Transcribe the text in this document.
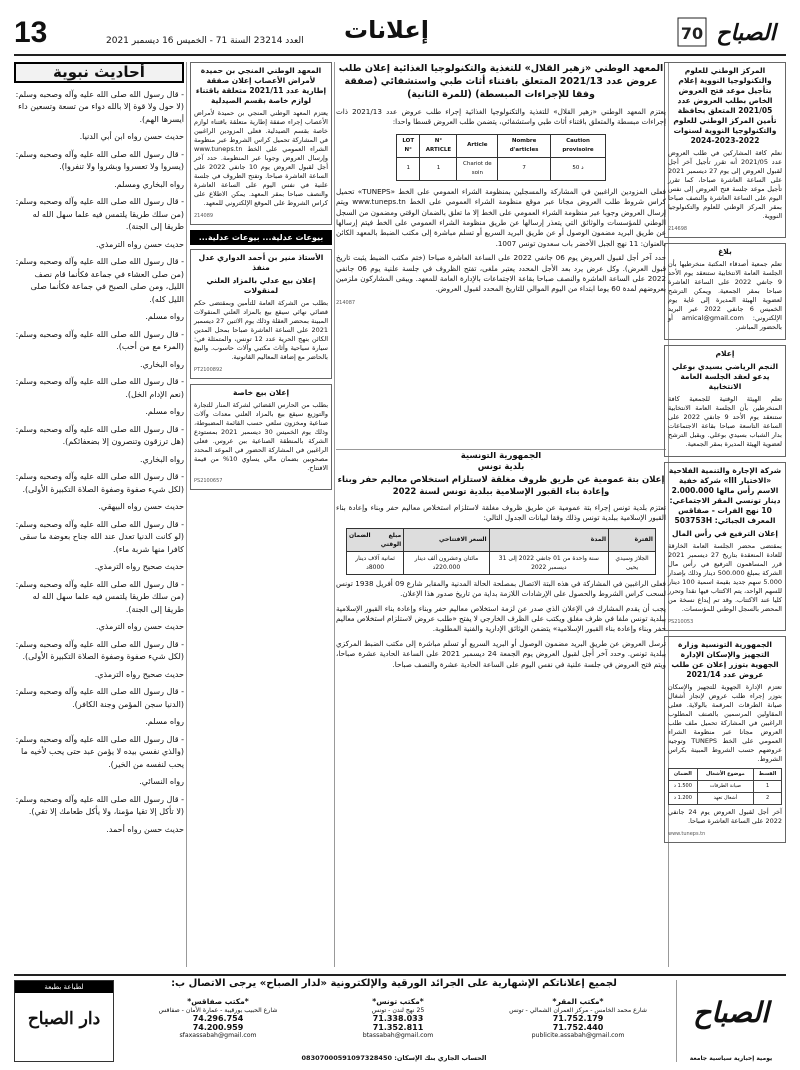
13	العدد 23214 السنة 71 - الخميس 16 ديسمبر 2021 إعلانات	70 الصباح

المركز الوطني للعلوم والتكنولوجيا النووية إعلام بتأجيل موعد فتح العروض الخاص بطلب العروض عدد 2021/05 المتعلق بحافظة تأمين المركز الوطني للعلوم والتكنولوجيا النووية لسنوات 2022-2023-2024

نعلم كافة المشاركين في طلب العروض عدد 2021/05 أنه تقرر تأجيل آخر أجل لقبول العروض إلى يوم 27 ديسمبر 2021 على الساعة العاشرة صباحا، كما تقرر تأجيل موعد جلسة فتح العروض إلى نفس اليوم على الساعة العاشرة والنصف صباحا بمقر المركز الوطني للعلوم والتكنولوجيا النووية.

214698

بلاغ

تعلم جمعية أصدقاء المكتبة منخرطيها بأن الجلسة العامة الانتخابية ستنعقد يوم الأحد 9 جانفي 2022 على الساعة العاشرة صباحا بمقر الجمعية. ويمكن الترشح لعضوية الهيئة المديرة إلى غاية يوم الخميس 6 جانفي 2022 عبر البريد الإلكتروني: amical@gmail.com أو بالحضور المباشر.

إعلام

النجم الرياضي بسيدي بوعلي يدعو لعقد الجلسة العامة الانتخابية

تعلم الهيئة الوقتية للجمعية كافة المنخرطين بأن الجلسة العامة الانتخابية ستنعقد يوم الأحد 9 جانفي 2022 على الساعة التاسعة صباحا بقاعة الاجتماعات بدار الشباب بسيدي بوعلي. ويقبل الترشح لعضوية الهيئة المديرة بمقر الجمعية.

شركة الإجارة والتنمية الفلاحية «الاختيار III» شركة خفية الاسم رأس مالها 2.000.000 دينار تونسي المقر الاجتماعي: 10 نهج الفرات - صفاقس المعرف الجبائي: 503753H

إعلان الترفيع في رأس المال

بمقتضى محضر الجلسة العامة الخارقة للعادة المنعقدة بتاريخ 27 ديسمبر 2021 قرر المساهمون الترفيع في رأس مال الشركة بمبلغ 500.000 دينار وذلك بإصدار 5.000 سهم جديد بقيمة اسمية 100 دينار للسهم الواحد، يتم الاكتتاب فيها نقدا وتحرر كليا عند الاكتتاب. وقد تم إيداع نسخة من المحضر بالسجل الوطني للمؤسسات.

PS210053

الجمهورية التونسية وزارة التجهيز والإسكان الإدارة الجهوية بتوزر إعلان عن طلب عروض عدد 2021/14

تعتزم الإدارة الجهوية للتجهيز والإسكان بتوزر إجراء طلب عروض لإنجاز أشغال صيانة الطرقات المرقمة بالولاية. فعلى المقاولين المرسمين بالصنف المطلوب الراغبين في المشاركة تحميل ملف طلب العروض مجانا عبر منظومة الشراء العمومي على الخط TUNEPS وتوجيه عروضهم حسب الشروط المبينة بكراس الشروط.

القسط	موضوع الأشغال	الضمان
1	صيانة الطرقات	1.500 د
2	أشغال تعهد	1.200 د

آخر أجل لقبول العروض يوم 24 جانفي 2022 على الساعة العاشرة صباحا.

www.tuneps.tn
المعهد الوطني «زهير القلال» للتغذية والتكنولوجيا الغذائية إعلان طلب عروض عدد 2021/13 المتعلق باقتناء أثاث طبي واستشفائي (صفقة وفقا للإجراءات المبسطة) (للمرة الثانية)

يعتزم المعهد الوطني «زهير القلال» للتغذية والتكنولوجيا الغذائية إجراء طلب عروض عدد 2021/13 ذات إجراءات مبسطة والمتعلق باقتناء أثاث طبي واستشفائي، يتضمن طلب العروض قسطا واحدا:

LOT N°	N° ARTICLE	Article	Nombre d'articles	Caution provisoire
1	1	Chariot de soin	7	50 د

فعلى المزودين الراغبين في المشاركة والمسجلين بمنظومة الشراء العمومي على الخط «TUNEPS» تحميل كراس شروط طلب العروض مجانا عبر موقع منظومة الشراء العمومي على الخط www.tuneps.tn ويتم إرسال العروض وجوبا عبر منظومة الشراء العمومي على الخط إلا ما تعلق بالضمان الوقتي ومضمون من السجل الوطني للمؤسسات والوثائق التي يتعذر إرسالها عن طريق منظومة الشراء العمومي على الخط فيتم إرسالها عن طريق البريد مضمون الوصول أو عن طريق البريد السريع أو تسلم مباشرة إلى مكتب الضبط بالمعهد الكائن بالعنوان: 11 نهج الجبل الأخضر باب سعدون تونس 1007.

حدد آخر أجل لقبول العروض يوم 06 جانفي 2022 على الساعة العاشرة صباحا (ختم مكتب الضبط يثبت تاريخ قبول العرض). وكل عرض يرد بعد الأجل المحدد يعتبر ملغى، تفتح الظروف في جلسة علنية يوم 06 جانفي 2022 على الساعة العاشرة والنصف صباحا بقاعة الاجتماعات بالإدارة العامة للمعهد. ويبقى المشاركون ملزمين بعروضهم لمدة 60 يوما ابتداء من اليوم الموالي للتاريخ المحدد لقبول العروض.

214087
الجمهورية التونسية
بلدية تونس
إعلان بتة عمومية عن طريق ظروف مغلقة لاستلزام استخلاص معاليم حفر وبناء وإعادة بناء القبور الإسلامية ببلدية تونس لسنة 2022

تعتزم بلدية تونس إجراء بتة عمومية عن طريق ظروف مغلقة لاستلزام استخلاص معاليم حفر وبناء وإعادة بناء القبور الإسلامية ببلدية تونس وذلك وفقا لبيانات الجدول التالي:

الفترة	المدة	السعر الافتتاحي	مبلغ الضمان الوقتي
الجلاز وسيدي يحيى	سنة واحدة من 01 جانفي 2022 إلى 31 ديسمبر 2022	مائتان وعشرون ألف دينار 220.000د	ثمانية آلاف دينار 8000د

فعلى الراغبين في المشاركة في هذه البتة الاتصال بمصلحة الحالة المدنية والمقابر شارع 09 أفريل 1938 تونس لسحب كراس الشروط والحصول على الإرشادات اللازمة بداية من تاريخ صدور هذا الإعلان.

يجب أن يقدم المشارك في الإعلان الذي صدر عن لزمة استخلاص معاليم حفر وبناء وإعادة بناء القبور الإسلامية ببلدية تونس ملفا في ظرف مغلق ويكتب على الظرف الخارجي لا يفتح «طلب عروض لاستلزام استخلاص معاليم حفر وبناء وإعادة بناء القبور الإسلامية» يتضمن الوثائق الإدارية والفنية المطلوبة.

ترسل العروض عن طريق البريد مضمون الوصول أو البريد السريع أو تسلم مباشرة إلى مكتب الضبط المركزي ببلدية تونس. وحدد آخر أجل لقبول العروض يوم الجمعة 24 ديسمبر 2021 على الساعة الحادية عشرة صباحا، ويتم فتح العروض في جلسة علنية في نفس اليوم على الساعة الحادية عشرة والنصف صباحا.

المعهد الوطني المنجي بن حميدة لأمراض الأعصاب إعلان صفقة إطارية عدد 2021/11 متعلقة باقتناء لوازم خاصة بقسم الصيدلية

يعتزم المعهد الوطني المنجي بن حميدة لأمراض الأعصاب إجراء صفقة إطارية متعلقة باقتناء لوازم خاصة بقسم الصيدلية. فعلى المزودين الراغبين في المشاركة تحميل كراس الشروط عبر منظومة الشراء العمومي على الخط www.tuneps.tn وإرسال العروض وجوبا عبر المنظومة. حدد آخر أجل لقبول العروض يوم 10 جانفي 2022 على الساعة العاشرة صباحا. وتفتح الظروف في جلسة علنية في نفس اليوم على الساعة العاشرة والنصف صباحا بمقر المعهد. يمكن الاطلاع على كراس الشروط على الموقع الإلكتروني للمعهد.

214089
بيوعات عدلية... بيوعات عدلية...

الأستاذ منير بن أحمد الدواري عدل منفذ

إعلان بيع عدلي بالمزاد العلني لمنقولات

بطلب من الشركة العامة للتأمين وبمقتضى حكم قضائي نهائي سيقع بيع بالمزاد العلني المنقولات المبينة بمحضر العقلة وذلك يوم الاثنين 27 ديسمبر 2021 على الساعة العاشرة صباحا بمحل المدين الكائن بنهج الحرية عدد 12 تونس، والمتمثلة في: سيارة سياحية وأثاث مكتبي وآلات حاسوب. والبيع بالحاضر مع إضافة المعاليم القانونية.

PT2100892

إعلان بيع خاصة

بطلب من الحارس القضائي لشركة المنار للتجارة والتوزيع سيقع بيع بالمزاد العلني معدات وآلات صناعية ومخزون سلعي حسب القائمة المضبوطة، وذلك يوم الخميس 30 ديسمبر 2021 بمستودع الشركة بالمنطقة الصناعية ببن عروس. فعلى الراغبين في المشاركة الحضور في الموعد المحدد مصحوبين بضمان مالي يساوي 10% من قيمة الافتتاح.

PS2100657
أحاديث نبوية

- قال رسول الله صلى الله عليه وآله وصحبه وسلم: (لا حول ولا قوة إلا بالله دواء من تسعة وتسعين داء أيسرها الهم).

حديث حسن رواه ابن أبي الدنيا.

- قال رسول الله صلى الله عليه وآله وصحبه وسلم: (يسروا ولا تعسروا وبشروا ولا تنفروا).

رواه البخاري ومسلم.

- قال رسول الله صلى الله عليه وآله وصحبه وسلم: (من سلك طريقا يلتمس فيه علما سهل الله له طريقا إلى الجنة).

حديث حسن رواه الترمذي.

- قال رسول الله صلى الله عليه وآله وصحبه وسلم: (من صلى العشاء في جماعة فكأنما قام نصف الليل، ومن صلى الصبح في جماعة فكأنما صلى الليل كله).

رواه مسلم.

- قال رسول الله صلى الله عليه وآله وصحبه وسلم: (المرء مع من أحب).

رواه البخاري.

- قال رسول الله صلى الله عليه وآله وصحبه وسلم: (نعم الإدام الخل).

رواه مسلم.

- قال رسول الله صلى الله عليه وآله وصحبه وسلم: (هل ترزقون وتنصرون إلا بضعفائكم).

رواه البخاري.

- قال رسول الله صلى الله عليه وآله وصحبه وسلم: (لكل شيء صفوة وصفوة الصلاة التكبيرة الأولى).

حديث حسن رواه البيهقي.

- قال رسول الله صلى الله عليه وآله وصحبه وسلم: (لو كانت الدنيا تعدل عند الله جناح بعوضة ما سقى كافرا منها شربة ماء).

حديث صحيح رواه الترمذي.

- قال رسول الله صلى الله عليه وآله وصحبه وسلم: (من سلك طريقا يلتمس فيه علما سهل الله له طريقا إلى الجنة).

حديث حسن رواه الترمذي.

- قال رسول الله صلى الله عليه وآله وصحبه وسلم: (لكل شيء صفوة وصفوة الصلاة التكبيرة الأولى).

حديث صحيح رواه الترمذي.

- قال رسول الله صلى الله عليه وآله وصحبه وسلم: (الدنيا سجن المؤمن وجنة الكافر).

رواه مسلم.

- قال رسول الله صلى الله عليه وآله وصحبه وسلم: (والذي نفسي بيده لا يؤمن عبد حتى يحب لأخيه ما يحب لنفسه من الخير).

رواه النسائي.

- قال رسول الله صلى الله عليه وآله وصحبه وسلم: (لا تأكل إلا تقيا مؤمنا، ولا يأكل طعامك إلا تقي).

حديث حسن رواه أحمد.

لجميع إعلاناتكم الإشهارية على الجرائد الورقية والإلكترونية «لدار الصباح» يرجى الاتصال ب:
الصباح
يومية إخبارية سياسية جامعة
*مكتب المقر*
شارع محمد الخامس - مركز العمران الشمالي - تونس
71.752.179
71.752.440
publicite.assabah@gmail.com
*مكتب تونس*
25 نهج لندن - تونس
71.338.033
71.352.811
btassabah@gmail.com
*مكتب صفاقس*
شارع الحبيب بورقيبة - عمارة الأمان - صفاقس
74.296.754
74.200.959
sfaxassabah@gmail.com
الحساب الجاري بنك الإسكان: 08307000591097328450
لطباعة بطبعة
دار الصباح
